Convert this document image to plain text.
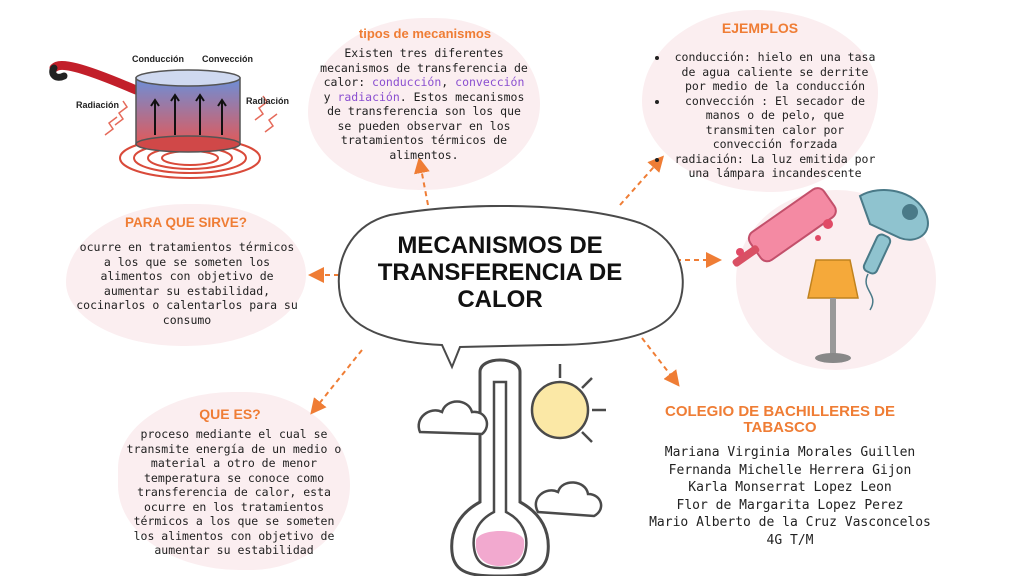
MECANISMOS DE
TRANSFERENCIA DE
CALOR
tipos de mecanismos
Existen tres diferentes mecanismos de transferencia de calor: conducción, convección y radiación. Estos mecanismos de transferencia son los que se pueden observar en los tratamientos térmicos de alimentos.
EJEMPLOS
• conducción: hielo en una tasa de agua caliente se derrite por medio de la conducción
• convección : El secador de manos o de pelo, que transmiten calor por convección forzada
• radiación: La luz emitida por una lámpara incandescente
PARA QUE SIRVE?
ocurre en tratamientos térmicos a los que se someten los alimentos con objetivo de aumentar su estabilidad, cocinarlos o calentarlos para su consumo
QUE ES?
proceso mediante el cual se transmite energía de un medio o material a otro de menor temperatura se conoce como transferencia de calor, esta ocurre en los tratamientos térmicos a los que se someten los alimentos con objetivo de aumentar su estabilidad
COLEGIO DE BACHILLERES DE
TABASCO
Mariana Virginia Morales Guillen
Fernanda Michelle Herrera Gijon
Karla Monserrat Lopez Leon
Flor de Margarita Lopez Perez
Mario Alberto de la Cruz Vasconcelos
4G T/M
Conducción Convección
Radiación	Radiación
